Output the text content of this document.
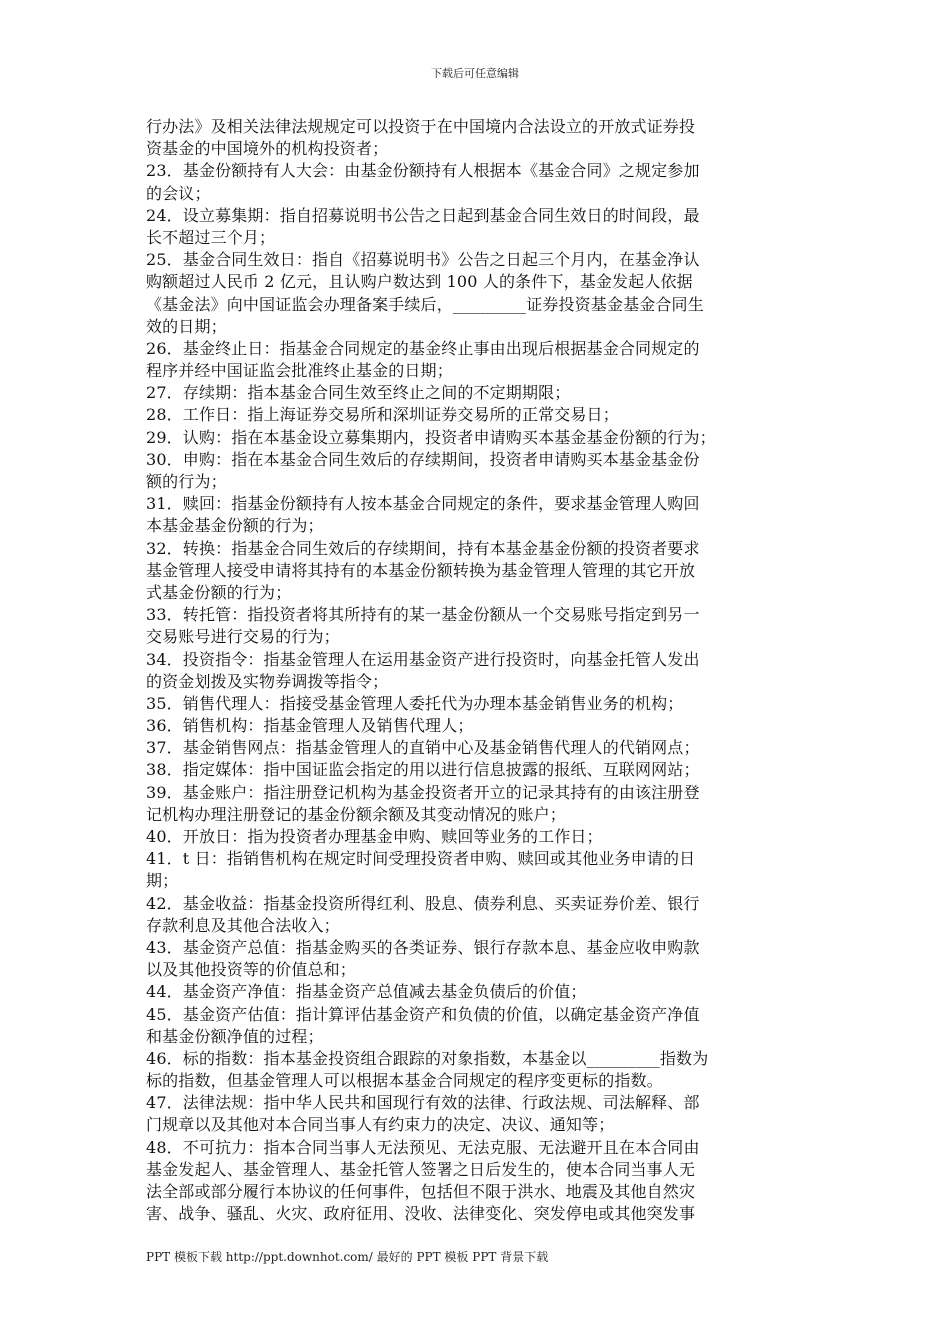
下载后可任意编辑
行办法》及相关法律法规规定可以投资于在中国境内合法设立的开放式证券投
资基金的中国境外的机构投资者；
23．基金份额持有人大会：由基金份额持有人根据本《基金合同》之规定参加
的会议；
24．设立募集期：指自招募说明书公告之日起到基金合同生效日的时间段，最
长不超过三个月；
25．基金合同生效日：指自《招募说明书》公告之日起三个月内，在基金净认
购额超过人民币 2 亿元，且认购户数达到 100 人的条件下，基金发起人依据
《基金法》向中国证监会办理备案手续后，_________证券投资基金基金合同生
效的日期；
26．基金终止日：指基金合同规定的基金终止事由出现后根据基金合同规定的
程序并经中国证监会批准终止基金的日期；
27．存续期：指本基金合同生效至终止之间的不定期期限；
28．工作日：指上海证券交易所和深圳证券交易所的正常交易日；
29．认购：指在本基金设立募集期内，投资者申请购买本基金基金份额的行为；
30．申购：指在本基金合同生效后的存续期间，投资者申请购买本基金基金份
额的行为；
31．赎回：指基金份额持有人按本基金合同规定的条件，要求基金管理人购回
本基金基金份额的行为；
32．转换：指基金合同生效后的存续期间，持有本基金基金份额的投资者要求
基金管理人接受申请将其持有的本基金份额转换为基金管理人管理的其它开放
式基金份额的行为；
33．转托管：指投资者将其所持有的某一基金份额从一个交易账号指定到另一
交易账号进行交易的行为；
34．投资指令：指基金管理人在运用基金资产进行投资时，向基金托管人发出
的资金划拨及实物券调拨等指令；
35．销售代理人：指接受基金管理人委托代为办理本基金销售业务的机构；
36．销售机构：指基金管理人及销售代理人；
37．基金销售网点：指基金管理人的直销中心及基金销售代理人的代销网点；
38．指定媒体：指中国证监会指定的用以进行信息披露的报纸、互联网网站；
39．基金账户：指注册登记机构为基金投资者开立的记录其持有的由该注册登
记机构办理注册登记的基金份额余额及其变动情况的账户；
40．开放日：指为投资者办理基金申购、赎回等业务的工作日；
41．t 日：指销售机构在规定时间受理投资者申购、赎回或其他业务申请的日
期；
42．基金收益：指基金投资所得红利、股息、债券利息、买卖证券价差、银行
存款利息及其他合法收入；
43．基金资产总值：指基金购买的各类证券、银行存款本息、基金应收申购款
以及其他投资等的价值总和；
44．基金资产净值：指基金资产总值减去基金负债后的价值；
45．基金资产估值：指计算评估基金资产和负债的价值，以确定基金资产净值
和基金份额净值的过程；
46．标的指数：指本基金投资组合跟踪的对象指数，本基金以_________指数为
标的指数，但基金管理人可以根据本基金合同规定的程序变更标的指数。
47．法律法规：指中华人民共和国现行有效的法律、行政法规、司法解释、部
门规章以及其他对本合同当事人有约束力的决定、决议、通知等；
48．不可抗力：指本合同当事人无法预见、无法克服、无法避开且在本合同由
基金发起人、基金管理人、基金托管人签署之日后发生的，使本合同当事人无
法全部或部分履行本协议的任何事件，包括但不限于洪水、地震及其他自然灾
害、战争、骚乱、火灾、政府征用、没收、法律变化、突发停电或其他突发事
PPT 模板下载 http://ppt.downhot.com/ 最好的 PPT 模板 PPT 背景下载
